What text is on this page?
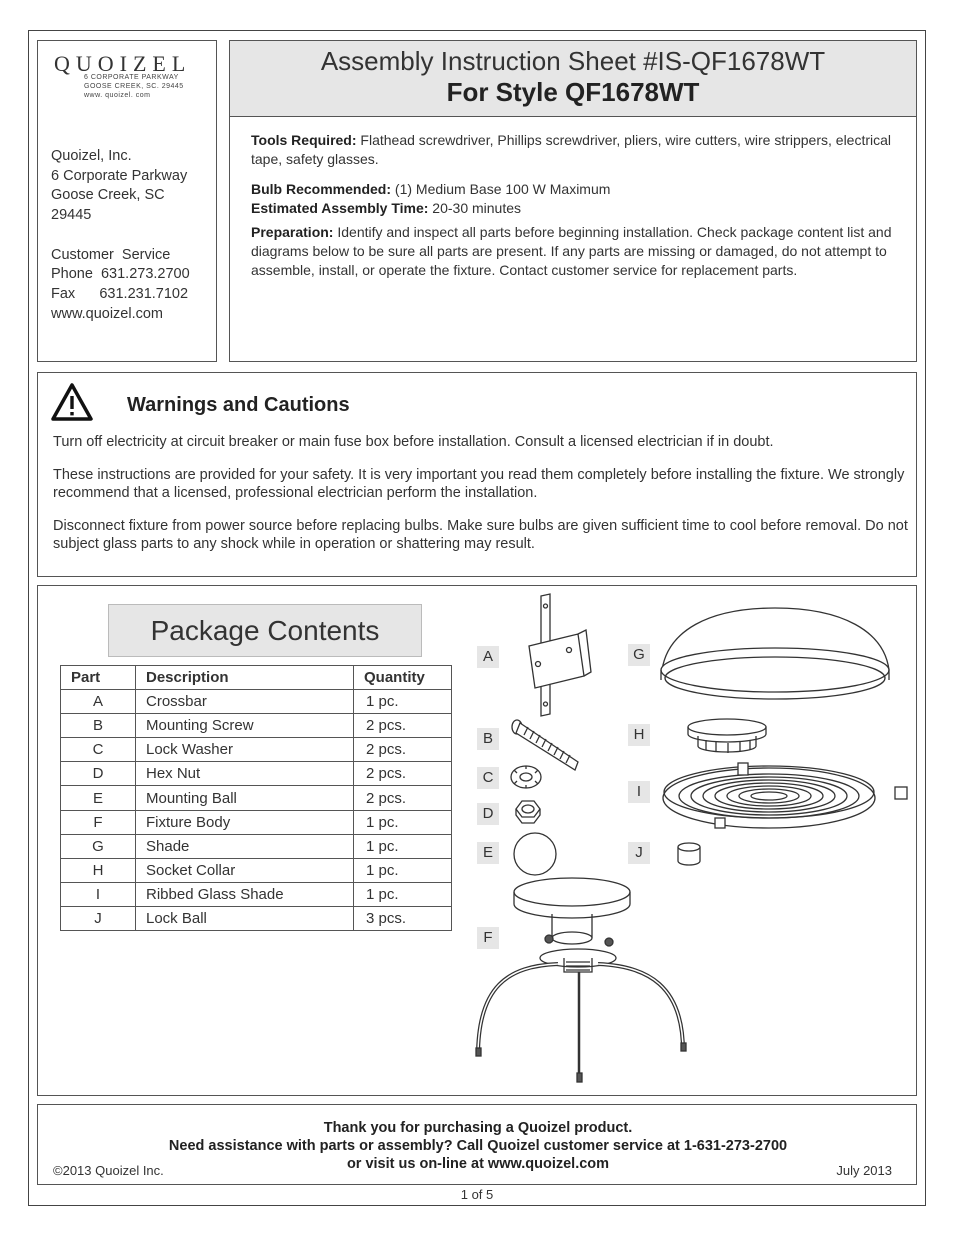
QUOIZEL
6 CORPORATE PARKWAY
GOOSE CREEK, SC. 29445
www. quoizel. com
Quoizel, Inc.
6 Corporate Parkway
Goose Creek, SC
29445

Customer  Service
Phone  631.273.2700
Fax      631.231.7102
www.quoizel.com
Assembly Instruction Sheet #IS-QF1678WT
For Style QF1678WT

Tools Required: Flathead screwdriver, Phillips screwdriver, pliers, wire cutters, wire strippers, electrical tape, safety glasses.

Bulb Recommended: (1) Medium Base 100 W Maximum
Estimated Assembly Time: 20-30 minutes

Preparation: Identify and inspect all parts before beginning installation. Check package content list and diagrams below to be sure all parts are present. If any parts are missing or damaged, do not attempt to assemble, install, or operate the fixture. Contact customer service for replacement parts.

Warnings and Cautions

Turn off electricity at circuit breaker or main fuse box before installation. Consult a licensed electrician if in doubt.

These instructions are provided for your safety. It is very important you read them completely before installing the fixture. We strongly recommend that a licensed, professional electrician perform the installation.

Disconnect fixture from power source before replacing bulbs. Make sure bulbs are given sufficient time to cool before removal. Do not subject glass parts to any shock while in operation or shattering may result.

Package Contents
Part	Description	Quantity
A	Crossbar	1 pc.
B	Mounting Screw	2 pcs.
C	Lock Washer	2 pcs.
D	Hex Nut	2 pcs.
E	Mounting Ball	2 pcs.
F	Fixture Body	1 pc.
G	Shade	1 pc.
H	Socket Collar	1 pc.
I	Ribbed Glass Shade	1 pc.
J	Lock Ball	3 pcs.
A
B
C
D
E
F
G
H
I
J
Thank you for purchasing a Quoizel product.
Need assistance with parts or assembly? Call Quoizel customer service at 1-631-273-2700
or visit us on-line at www.quoizel.com
©2013 Quoizel Inc.	July 2013
1 of 5
